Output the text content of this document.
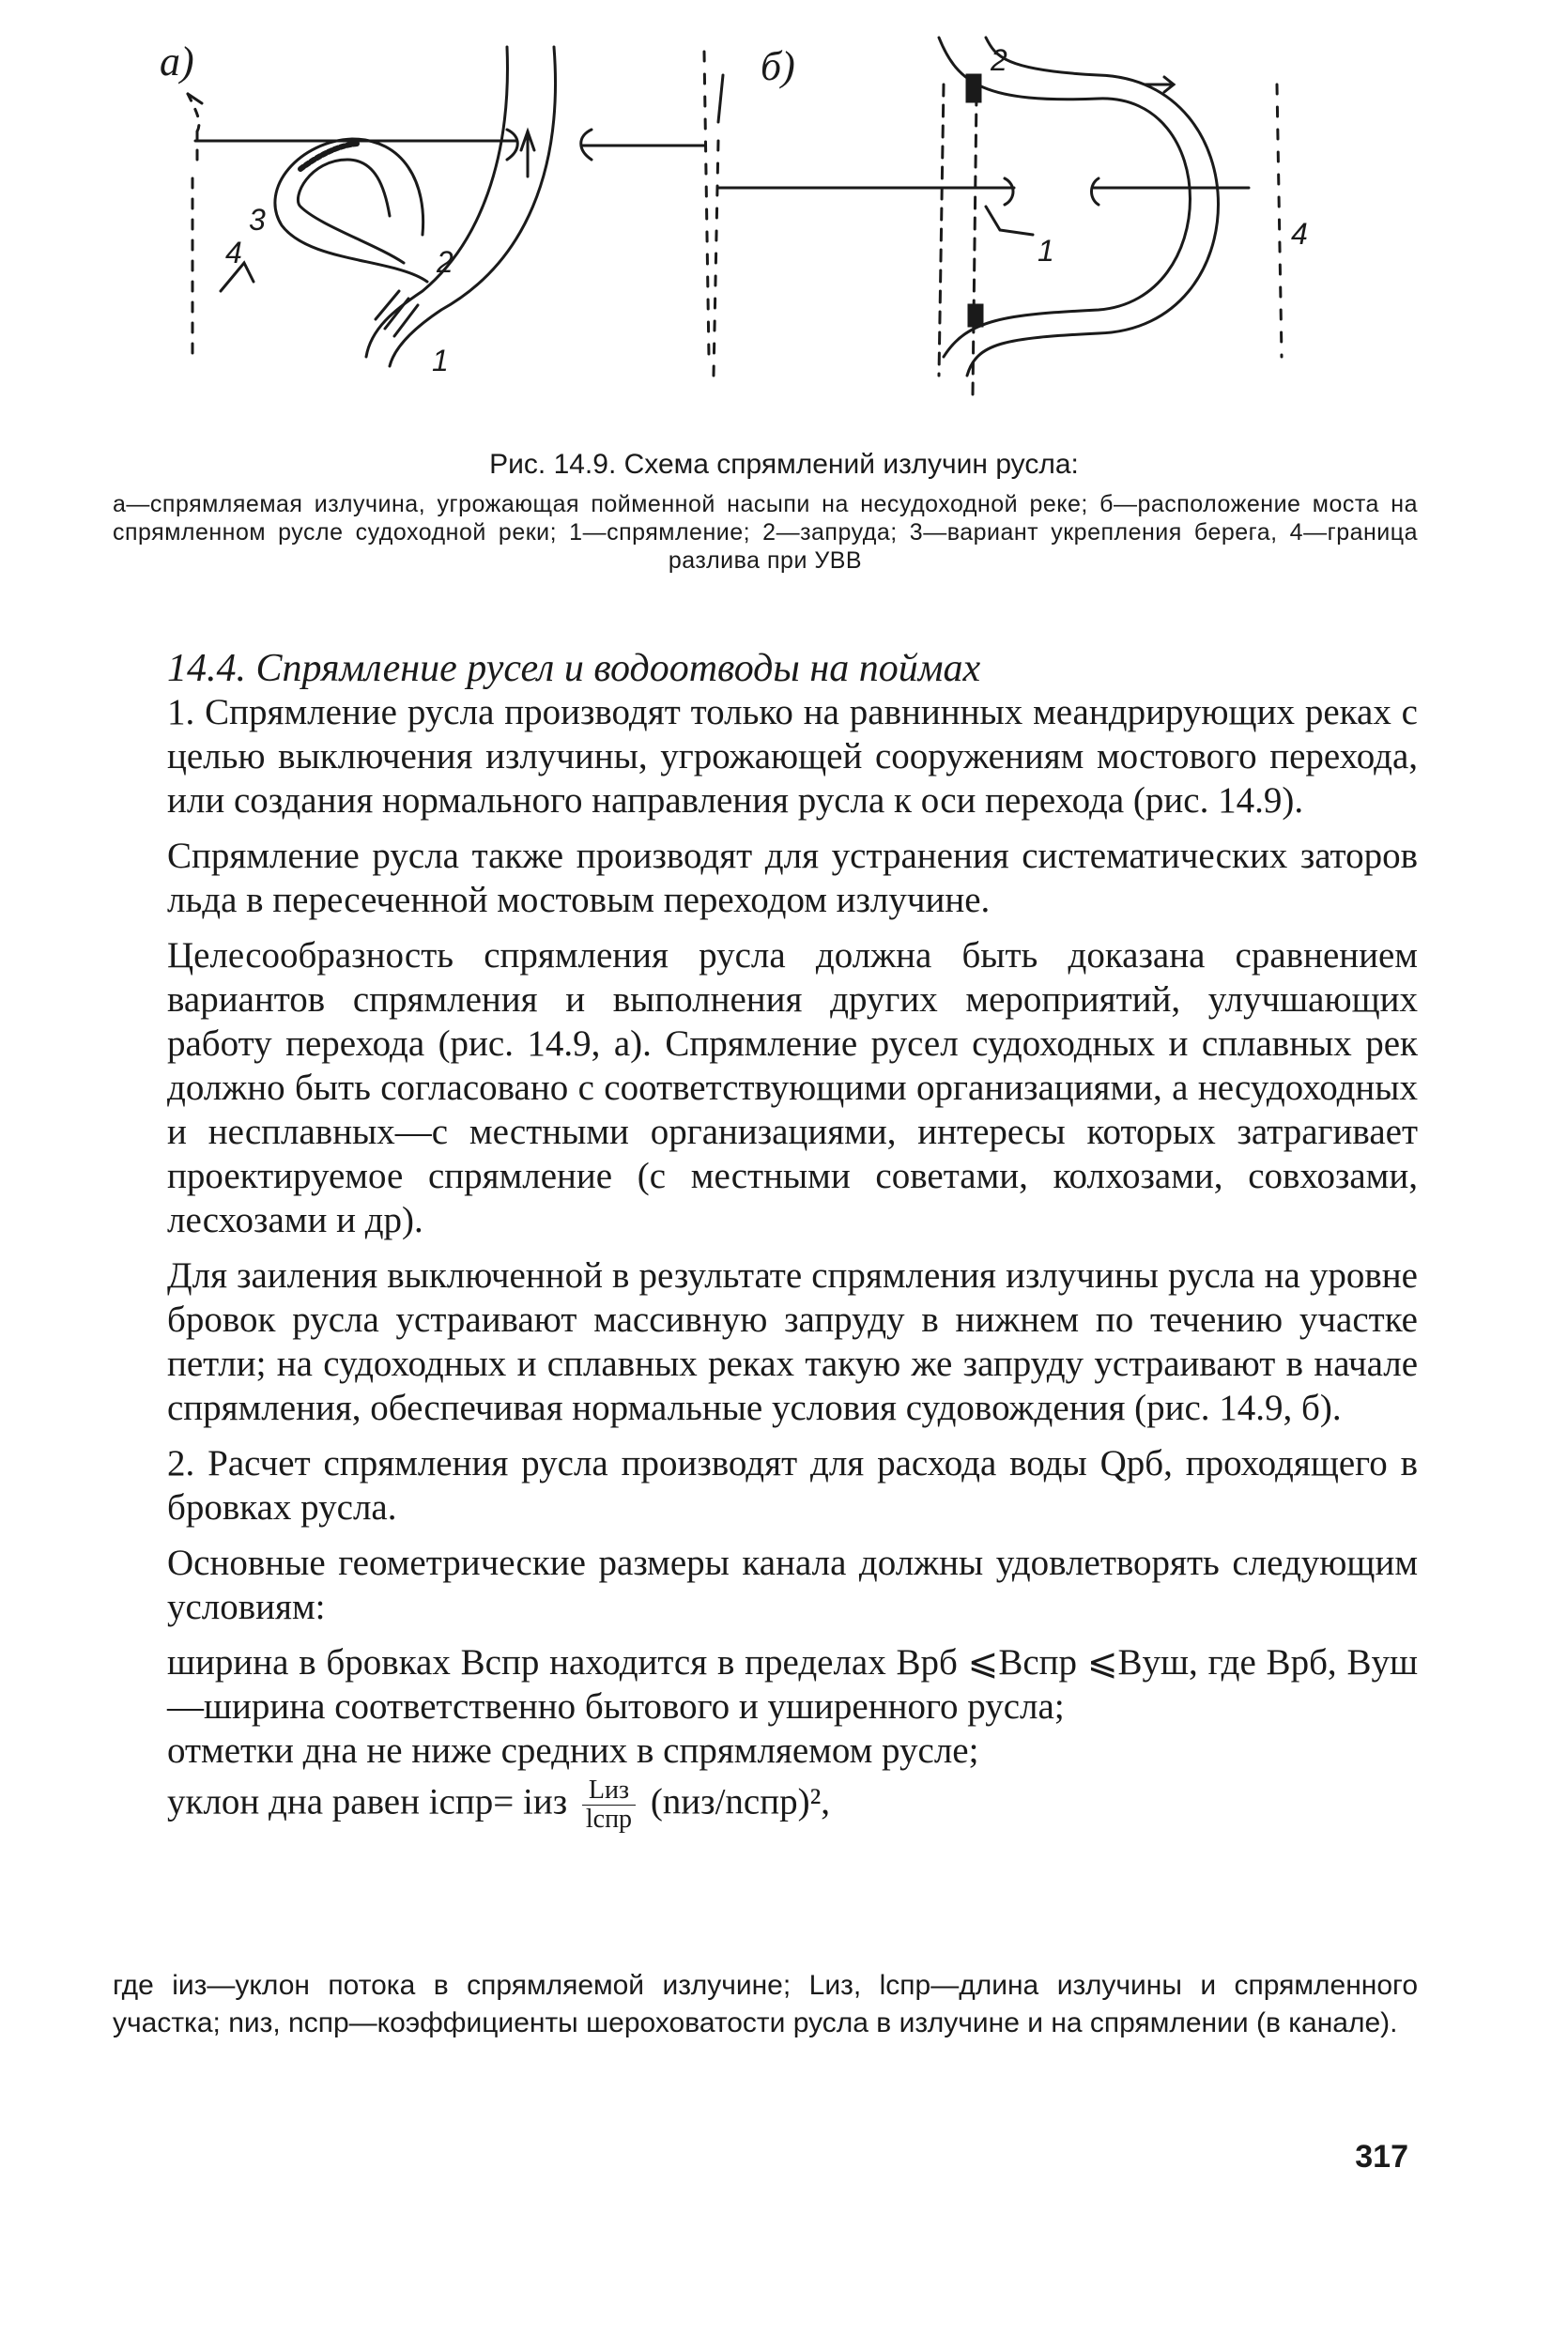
а)	б)
1
2
3
4	1
2
4
Рис. 14.9. Схема спрямлений излучин русла:
а—спрямляемая излучина, угрожающая пойменной насыпи на несудоходной реке; б—расположение моста на спрямленном русле судоходной реки; 1—спрямление; 2—запруда; 3—вариант укрепления берега, 4—граница разлива при УВВ
14.4. Спрямление русел и водоотводы на поймах

1. Спрямление русла производят только на равнинных меандрирующих реках с целью выключения излучины, угрожающей сооружениям мостового перехода, или создания нормального направления русла к оси перехода (рис. 14.9).

Спрямление русла также производят для устранения систематических заторов льда в пересеченной мостовым переходом излучине.

Целесообразность спрямления русла должна быть доказана сравнением вариантов спрямления и выполнения других мероприятий, улучшающих работу перехода (рис. 14.9, а). Спрямление русел судоходных и сплавных рек должно быть согласовано с соответствующими организациями, а несудоходных и несплавных—с местными организациями, интересы которых затрагивает проектируемое спрямление (с местными советами, колхозами, совхозами, лесхозами и др).

Для заиления выключенной в результате спрямления излучины русла на уровне бровок русла устраивают массивную запруду в нижнем по течению участке петли; на судоходных и сплавных реках такую же запруду устраивают в начале спрямления, обеспечивая нормальные условия судовождения (рис. 14.9, б).

2. Расчет спрямления русла производят для расхода воды Qрб, проходящего в бровках русла.

Основные геометрические размеры канала должны удовлетворять следующим условиям:

ширина в бровках Bспр находится в пределах Bрб ⩽Bспр ⩽Bуш, где Bрб, Bуш—ширина соответственно бытового и уширенного русла;

отметки дна не ниже средних в спрямляемом русле;

уклон дна равен iспр= iиз $\frac{\text{Lиз}}{\text{lспр}}$ (nиз/nспр)²,
где iиз—уклон потока в спрямляемой излучине; Lиз, lспр—длина излучины и спрямленного участка; nиз, nспр—коэффициенты шероховатости русла в излучине и на спрямлении (в канале).
317
